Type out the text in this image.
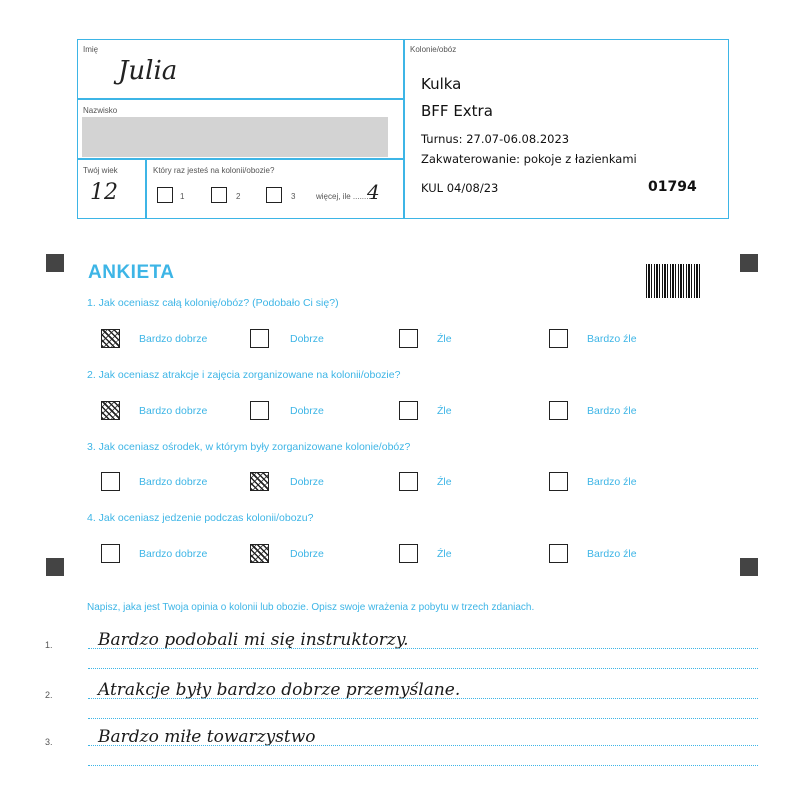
Imię
Julia
Nazwisko
Twój wiek
12
Który raz jesteś na kolonii/obozie?
1	2	3	więcej, ile ..........
4
Kolonie/obóz
Kulka
BFF Extra
Turnus: 27.07-06.08.2023
Zakwaterowanie: pokoje z łazienkami
KUL 04/08/23	01794
ANKIETA
1. Jak oceniasz całą kolonię/obóz? (Podobało Ci się?)
Bardzo dobrze	Dobrze	Źle	Bardzo źle
2. Jak oceniasz atrakcje i zajęcia zorganizowane na kolonii/obozie?
Bardzo dobrze	Dobrze	Źle	Bardzo źle
3. Jak oceniasz ośrodek, w którym były zorganizowane kolonie/obóz?
Bardzo dobrze	Dobrze	Źle	Bardzo źle
4. Jak oceniasz jedzenie podczas kolonii/obozu?
Bardzo dobrze	Dobrze	Źle	Bardzo źle
Napisz, jaka jest Twoja opinia o kolonii lub obozie. Opisz swoje wrażenia z pobytu w trzech zdaniach.
1.	Bardzo podobali mi się instruktorzy.
2.	Atrakcje były bardzo dobrze przemyślane.
3.	Bardzo miłe towarzystwo
